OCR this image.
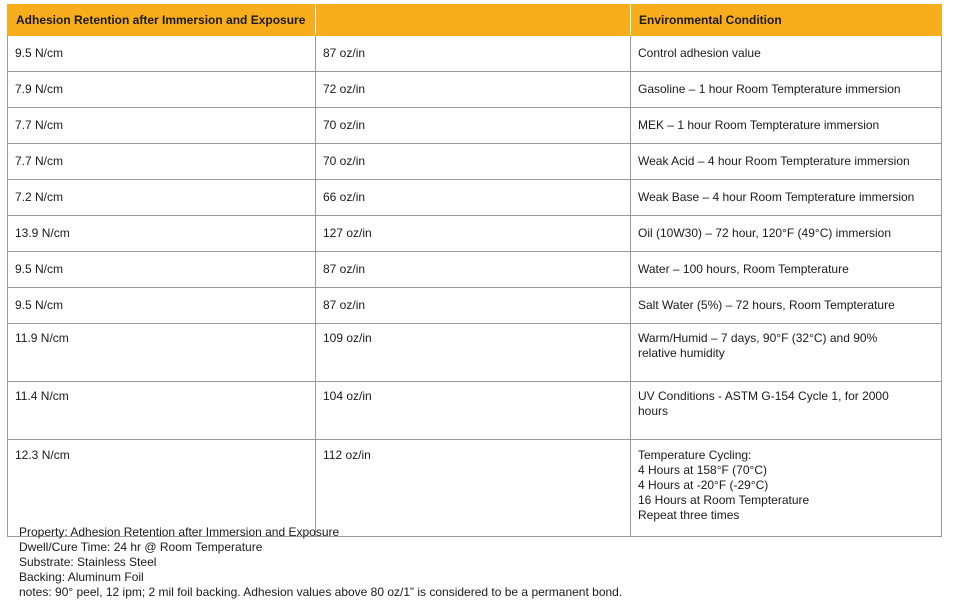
Adhesion Retention after Immersion and Exposure		Environmental Condition
9.5 N/cm	87 oz/in	Control adhesion value
7.9 N/cm	72 oz/in	Gasoline – 1 hour Room Tempterature immersion
7.7 N/cm	70 oz/in	MEK – 1 hour Room Tempterature immersion
7.7 N/cm	70 oz/in	Weak Acid – 4 hour Room Tempterature immersion
7.2 N/cm	66 oz/in	Weak Base – 4 hour Room Tempterature immersion
13.9 N/cm	127 oz/in	Oil (10W30) – 72 hour, 120°F (49°C) immersion
9.5 N/cm	87 oz/in	Water – 100 hours, Room Tempterature
9.5 N/cm	87 oz/in	Salt Water (5%) – 72 hours, Room Tempterature
11.9 N/cm	109 oz/in	Warm/Humid – 7 days, 90°F (32°C) and 90%
relative humidity
11.4 N/cm	104 oz/in	UV Conditions - ASTM G-154 Cycle 1, for 2000
hours
12.3 N/cm	112 oz/in	Temperature Cycling:
4 Hours at 158°F (70°C)
4 Hours at -20°F (-29°C)
16 Hours at Room Tempterature
Repeat three times
Property: Adhesion Retention after Immersion and Exposure
Dwell/Cure Time: 24 hr @ Room Temperature
Substrate: Stainless Steel
Backing: Aluminum Foil
notes: 90° peel, 12 ipm; 2 mil foil backing. Adhesion values above 80 oz/1” is considered to be a permanent bond.
